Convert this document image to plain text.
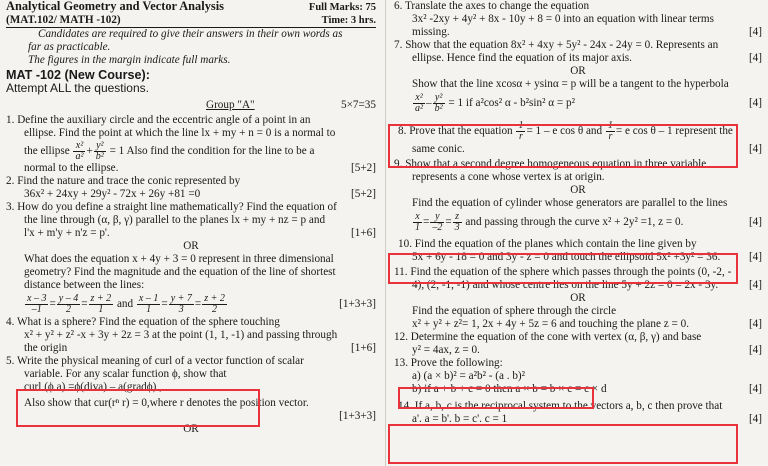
Analytical Geometry and Vector Analysis	Full Marks: 75
(MAT.102/ MATH -102)	Time: 3 hrs.
Candidates are required to give their answers in their own words as
far as practicable.
The figures in the margin indicate full marks.
MAT -102 (New Course):
Attempt ALL the questions.
Group "A"	5×7=35
1. Define the auxiliary circle and the eccentric angle of a point in an
ellipse. Find the point at which the line lx + my + n = 0 is a normal to
the ellipse $\frac{\text{x²}}{\text{a²}} + \frac{\text{y²}}{\text{b²}} = 1$ Also find the condition for the line to be a
normal to the ellipse.	[5+2]
2. Find the nature and trace the conic represented by
36x² + 24xy + 29y² - 72x + 26y +81 =0	[5+2]
3. How do you define a straight line mathematically? Find the equation of
the line through (α, β, γ) parallel to the planes lx + my + nz = p and
l'x + m'y + n'z = p'.	[1+6]
OR
What does the equation x + 4y + 3 = 0 represent in three dimensional
geometry? Find the magnitude and the equation of the line of shortest
distance between the lines:
$\frac{x - 3}{-1} = \frac{y - 4}{2} = \frac{z + 2}{1}$ and $\frac{x - 1}{1} = \frac{y + 7}{3} = \frac{z + 2}{2}$	[1+3+3]
4. What is a sphere? Find the equation of the sphere touching
x² + y² + z² -x + 3y + 2z = 3 at the point (1, 1, -1) and passing through
the origin	[1+6]
5. Write the physical meaning of curl of a vector function of scalar
variable. For any scalar function ϕ, show that
curl (ϕ a) =ϕ(diva) – a(gradϕ) ,
Also show that cur(rⁿ r) = 0,where r denotes the position vector.
[1+3+3]
OR
6. Translate the axes to change the equation
3x² -2xy + 4y² + 8x - 10y + 8 = 0 into an equation with linear terms
missing.	[4]
7. Show that the equation 8x² + 4xy + 5y² - 24x - 24y = 0. Represents an
ellipse. Hence find the equation of its major axis.	[4]
OR
Show that the line xcosα + ysinα = p will be a tangent to the hyperbola
$\frac{\text{x²}}{\text{a²}} - \frac{\text{y²}}{\text{b²}} = 1$ if a²cos² α - b²sin² α = p²	[4]
8. Prove that the equation $\frac{1}{r} = 1 - e$ cos θ and $\frac{1}{r} = e$ cos θ – 1 represent the
same conic.	[4]
9. Show that a second degree homogeneous equation in three variable
represents a cone whose vertex is at origin.
OR
Find the equation of cylinder whose generators are parallel to the lines
$\frac{x}{1} = \frac{y}{-2} = \frac{z}{3}$ and passing through the curve x² + 2y² =1, z = 0.	[4]
10. Find the equation of the planes which contain the line given by
5x + 6y - 18 = 0 and 3y - z = 0 and touch the ellipsoid 5x² +3y² = 36.	[4]
11. Find the equation of the sphere which passes through the points (0, -2, -
4), (2, -1, -1) and whose centre lies on the line 5y + 2z = 0 = 2x - 3y.	[4]
OR
Find the equation of sphere through the circle
x² + y² + z²= 1, 2x + 4y + 5z = 6 and touching the plane z = 0.	[4]
12. Determine the equation of the cone with vertex (α, β, γ) and base
y² = 4ax, z = 0.	[4]
13. Prove the following:
a) (a × b)² = a²b² - (a . b)²
b) if a + b + c = 0 then a × b = b × c = c × d	[4]
14. If a, b, c is the reciprocal system to the vectors a, b, c then prove that
a'. a = b'. b = c'. c = 1	[4]
